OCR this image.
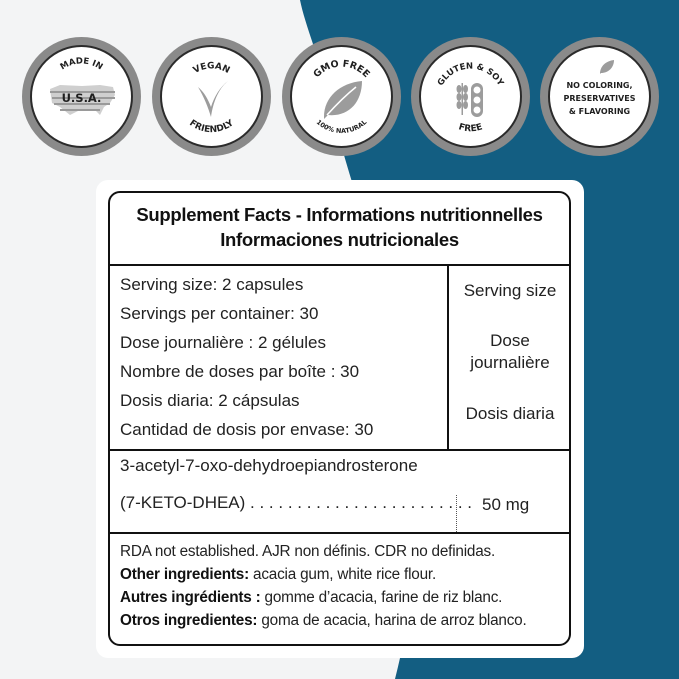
MADE IN
U.S.A.
VEGAN
FRIENDLY
GMO FREE
100% NATURAL
GLUTEN & SOY
FREE
NO COLORING,
PRESERVATIVES
& FLAVORING
Supplement Facts - Informations nutritionnelles
Informaciones nutricionales
Serving size: 2 capsules
Servings per container: 30
Dose journalière : 2 gélules
Nombre de doses par boîte : 30
Dosis diaria: 2 cápsulas
Cantidad de dosis por envase: 30
Serving size
Dose
journalière
Dosis diaria
3-acetyl-7-oxo-dehydroepiandrosterone
(7-KETO-DHEA) . . . . . . . . . . . . . . . . . . . . . . . . 50 mg
RDA not established. AJR non définis. CDR no definidas.
Other ingredients: acacia gum, white rice flour.
Autres ingrédients : gomme d’acacia, farine de riz blanc.
Otros ingredientes: goma de acacia, harina de arroz blanco.
